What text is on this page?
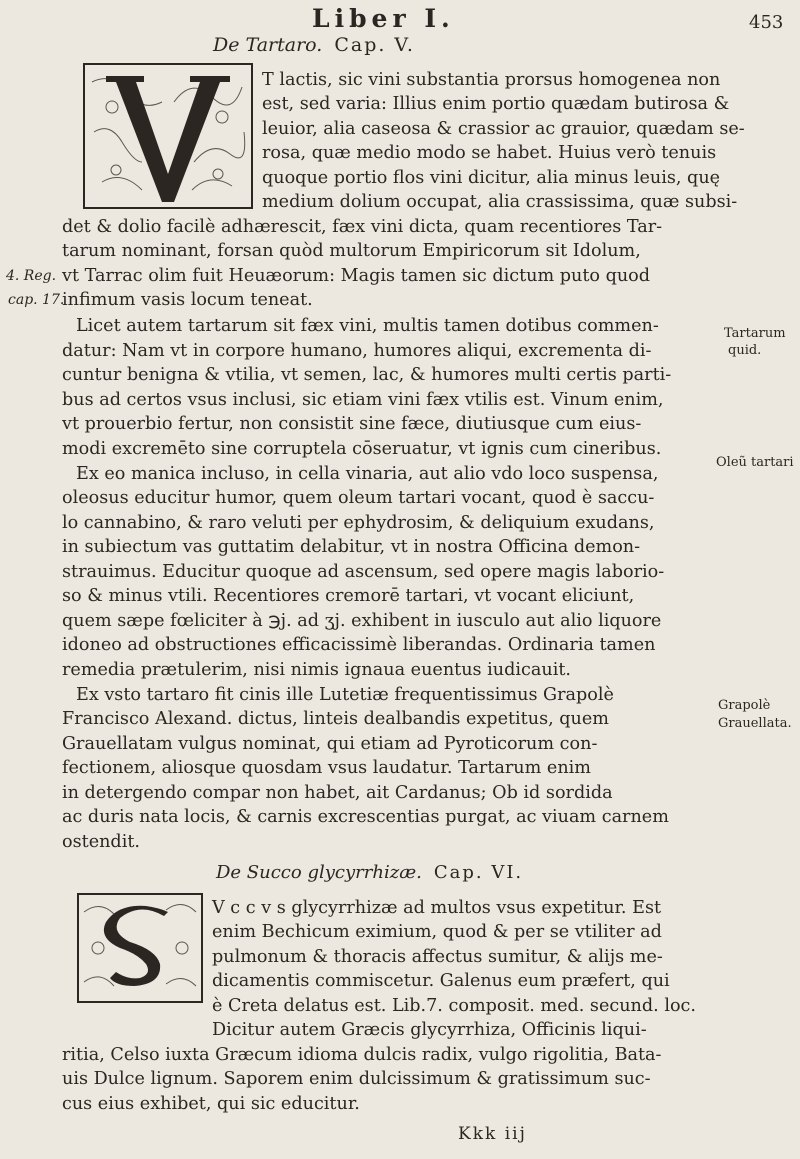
Liber I.	453
De Tartaro. Cap. V.
T lactis, sic vini substantia prorsus homogenea non
est, sed varia: Illius enim portio quædam butirosa &
leuior, alia caseosa & crassior ac grauior, quædam se-
rosa, quæ medio modo se habet. Huius verò tenuis
quoque portio flos vini dicitur, alia minus leuis, quę
medium dolium occupat, alia crassissima, quæ subsi-
det & dolio facilè adhærescit, fæx vini dicta, quam recentiores Tar-
tarum nominant, forsan quòd multorum Empiricorum sit Idolum,
vt Tarrac olim fuit Heuæorum: Magis tamen sic dictum puto quod
infimum vasis locum teneat.
Licet autem tartarum sit fæx vini, multis tamen dotibus commen-
datur: Nam vt in corpore humano, humores aliqui, excrementa di-
cuntur benigna & vtilia, vt semen, lac, & humores multi certis parti-
bus ad certos vsus inclusi, sic etiam vini fæx vtilis est. Vinum enim,
vt prouerbio fertur, non consistit sine fæce, diutiusque cum eius-
modi excremēto sine corruptela cōseruatur, vt ignis cum cineribus.
Ex eo manica incluso, in cella vinaria, aut alio vdo loco suspensa,
oleosus educitur humor, quem oleum tartari vocant, quod è saccu-
lo cannabino, & raro veluti per ephydrosim, & deliquium exudans,
in subiectum vas guttatim delabitur, vt in nostra Officina demon-
strauimus. Educitur quoque ad ascensum, sed opere magis laborio-
so & minus vtili. Recentiores cremorē tartari, vt vocant eliciunt,
quem sæpe fœliciter à ℈j. ad ʒj. exhibent in iusculo aut alio liquore
idoneo ad obstructiones efficacissimè liberandas. Ordinaria tamen
remedia prætulerim, nisi nimis ignaua euentus iudicauit.
Ex vsto tartaro fit cinis ille Lutetiæ frequentissimus Grapolè
Francisco Alexand. dictus, linteis dealbandis expetitus, quem
Grauellatam vulgus nominat, qui etiam ad Pyroticorum con-
fectionem, aliosque quosdam vsus laudatur. Tartarum enim
in detergendo compar non habet, ait Cardanus; Ob id sordida
ac duris nata locis, & carnis excrescentias purgat, ac viuam carnem
ostendit.
De Succo glycyrrhizæ. Cap. VI.
V c c v s glycyrrhizæ ad multos vsus expetitur. Est
enim Bechicum eximium, quod & per se vtiliter ad
pulmonum & thoracis affectus sumitur, & alijs me-
dicamentis commiscetur. Galenus eum præfert, qui
è Creta delatus est. Lib.7. composit. med. secund. loc.
Dicitur autem Græcis glycyrrhiza, Officinis liqui-
ritia, Celso iuxta Græcum idioma dulcis radix, vulgo rigolitia, Bata-
uis Dulce lignum. Saporem enim dulcissimum & gratissimum suc-
cus eius exhibet, qui sic educitur.
4. Reg.
cap. 17.
Tartarum
quid.
Oleũ tartari
Grapolè
Grauellata.
Kkk iij
